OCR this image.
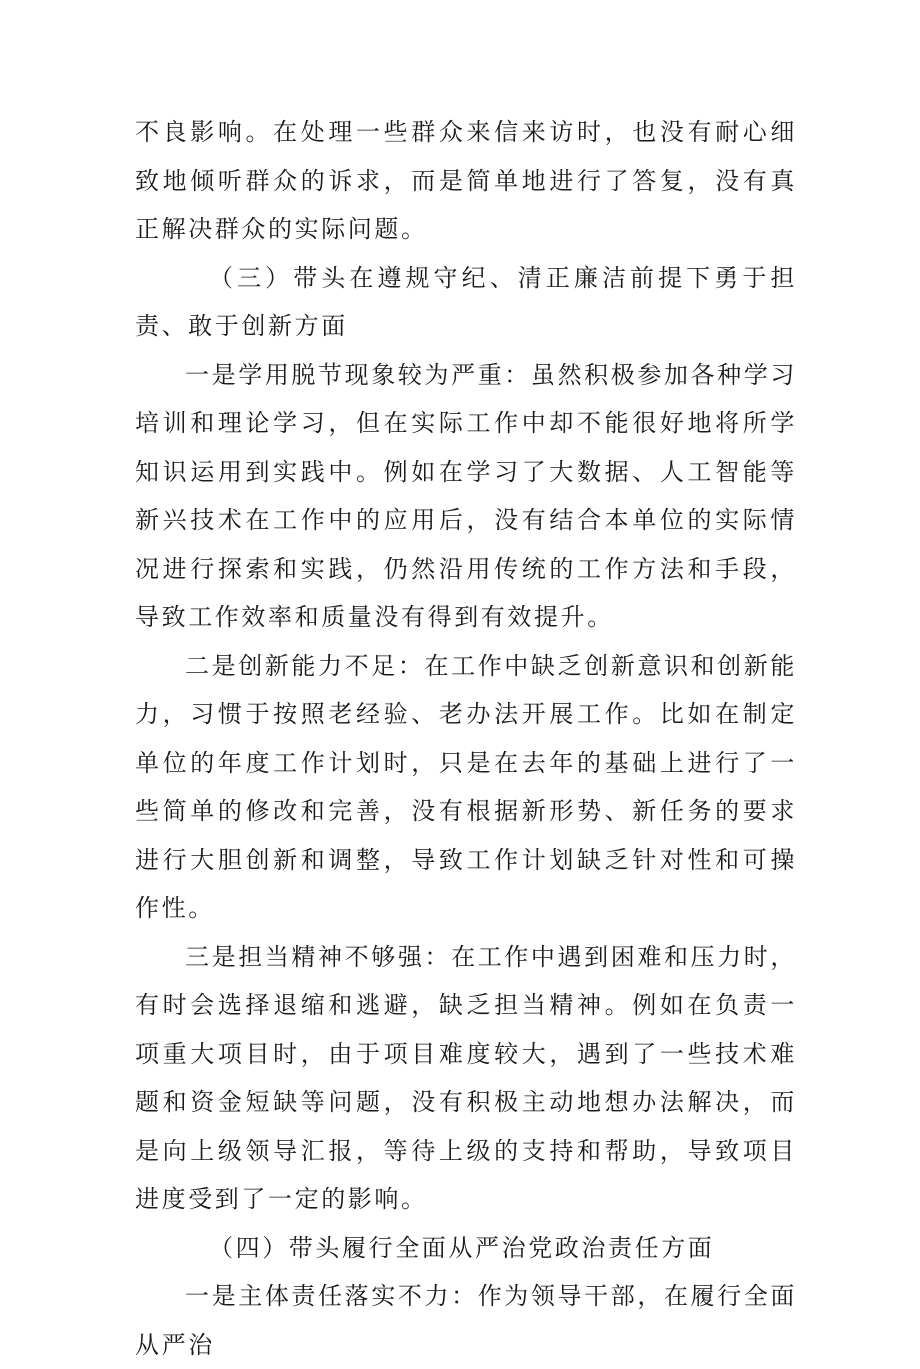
不良影响。在处理一些群众来信来访时，也没有耐心细致地倾听群众的诉求，而是简单地进行了答复，没有真正解决群众的实际问题。

（三）带头在遵规守纪、清正廉洁前提下勇于担责、敢于创新方面

一是学用脱节现象较为严重：虽然积极参加各种学习培训和理论学习，但在实际工作中却不能很好地将所学知识运用到实践中。例如在学习了大数据、人工智能等新兴技术在工作中的应用后，没有结合本单位的实际情况进行探索和实践，仍然沿用传统的工作方法和手段，导致工作效率和质量没有得到有效提升。

二是创新能力不足：在工作中缺乏创新意识和创新能力，习惯于按照老经验、老办法开展工作。比如在制定单位的年度工作计划时，只是在去年的基础上进行了一些简单的修改和完善，没有根据新形势、新任务的要求进行大胆创新和调整，导致工作计划缺乏针对性和可操作性。

三是担当精神不够强：在工作中遇到困难和压力时，有时会选择退缩和逃避，缺乏担当精神。例如在负责一项重大项目时，由于项目难度较大，遇到了一些技术难题和资金短缺等问题，没有积极主动地想办法解决，而是向上级领导汇报，等待上级的支持和帮助，导致项目进度受到了一定的影响。

（四）带头履行全面从严治党政治责任方面

一是主体责任落实不力：作为领导干部，在履行全面从严治
